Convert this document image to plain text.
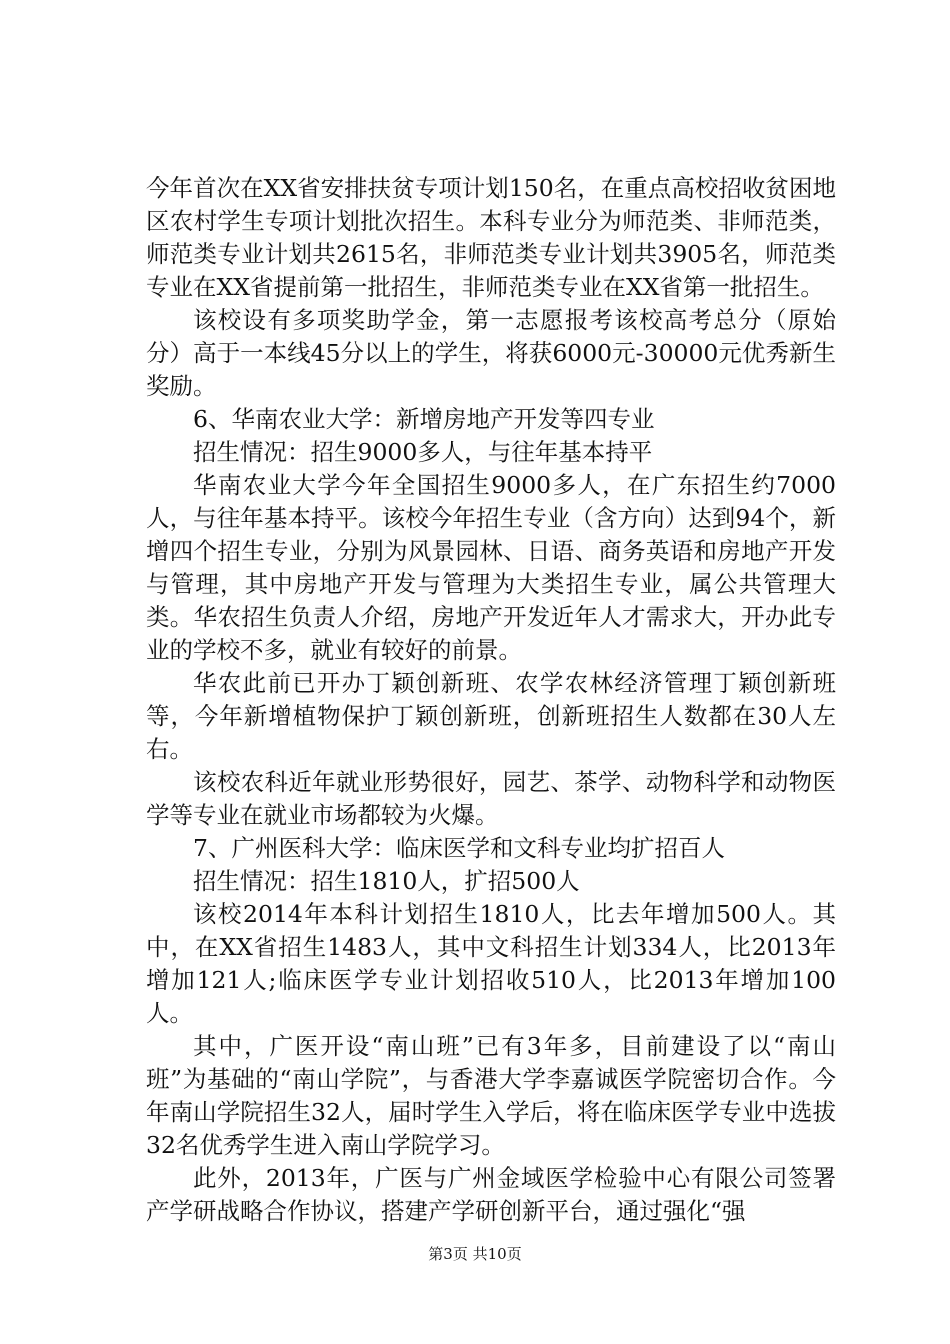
今年首次在XX省安排扶贫专项计划150名，在重点高校招收贫困地区农村学生专项计划批次招生。本科专业分为师范类、非师范类，师范类专业计划共2615名，非师范类专业计划共3905名，师范类专业在XX省提前第一批招生，非师范类专业在XX省第一批招生。

该校设有多项奖助学金，第一志愿报考该校高考总分（原始分）高于一本线45分以上的学生，将获6000元-30000元优秀新生奖励。

6、华南农业大学：新增房地产开发等四专业

招生情况：招生9000多人，与往年基本持平

华南农业大学今年全国招生9000多人，在广东招生约7000人，与往年基本持平。该校今年招生专业（含方向）达到94个，新增四个招生专业，分别为风景园林、日语、商务英语和房地产开发与管理，其中房地产开发与管理为大类招生专业，属公共管理大类。华农招生负责人介绍，房地产开发近年人才需求大，开办此专业的学校不多，就业有较好的前景。

华农此前已开办丁颖创新班、农学农林经济管理丁颖创新班等，今年新增植物保护丁颖创新班，创新班招生人数都在30人左右。

该校农科近年就业形势很好，园艺、茶学、动物科学和动物医学等专业在就业市场都较为火爆。

7、广州医科大学：临床医学和文科专业均扩招百人

招生情况：招生1810人，扩招500人

该校2014年本科计划招生1810人，比去年增加500人。其中，在XX省招生1483人，其中文科招生计划334人，比2013年增加121人;临床医学专业计划招收510人，比2013年增加100人。

其中，广医开设“南山班”已有3年多，目前建设了以“南山班”为基础的“南山学院”，与香港大学李嘉诚医学院密切合作。今年南山学院招生32人，届时学生入学后，将在临床医学专业中选拔32名优秀学生进入南山学院学习。

此外，2013年，广医与广州金域医学检验中心有限公司签署产学研战略合作协议，搭建产学研创新平台，通过强化“强

第3页 共10页
